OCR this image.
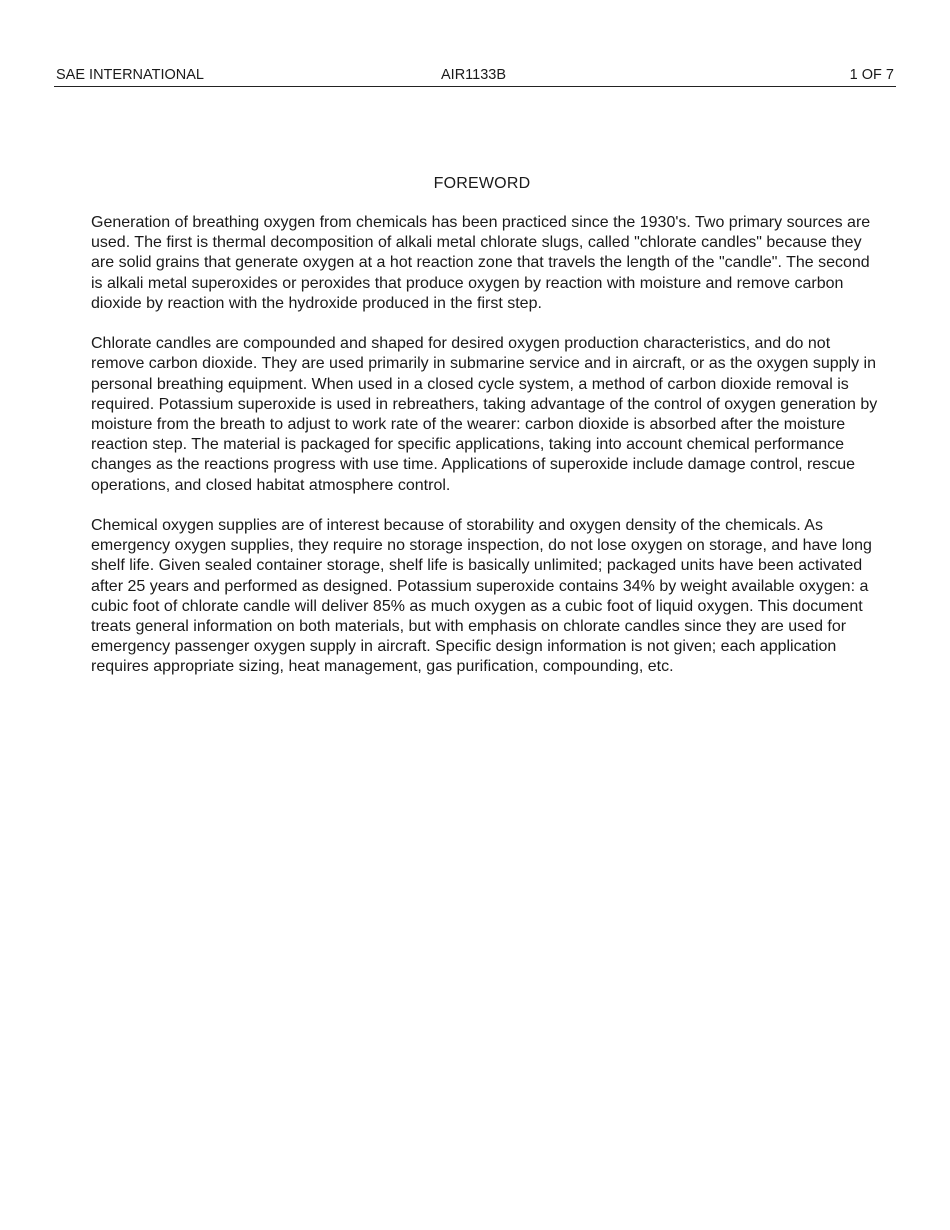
SAE INTERNATIONAL	AIR1133B	1 OF 7
FOREWORD

Generation of breathing oxygen from chemicals has been practiced since the 1930's. Two primary sources are used. The first is thermal decomposition of alkali metal chlorate slugs, called "chlorate candles" because they are solid grains that generate oxygen at a hot reaction zone that travels the length of the "candle". The second is alkali metal superoxides or peroxides that produce oxygen by reaction with moisture and remove carbon dioxide by reaction with the hydroxide produced in the first step.

Chlorate candles are compounded and shaped for desired oxygen production characteristics, and do not remove carbon dioxide. They are used primarily in submarine service and in aircraft, or as the oxygen supply in personal breathing equipment. When used in a closed cycle system, a method of carbon dioxide removal is required. Potassium superoxide is used in rebreathers, taking advantage of the control of oxygen generation by moisture from the breath to adjust to work rate of the wearer: carbon dioxide is absorbed after the moisture reaction step. The material is packaged for specific applications, taking into account chemical performance changes as the reactions progress with use time. Applications of superoxide include damage control, rescue operations, and closed habitat atmosphere control.

Chemical oxygen supplies are of interest because of storability and oxygen density of the chemicals. As emergency oxygen supplies, they require no storage inspection, do not lose oxygen on storage, and have long shelf life. Given sealed container storage, shelf life is basically unlimited; packaged units have been activated after 25 years and performed as designed. Potassium superoxide contains 34% by weight available oxygen: a cubic foot of chlorate candle will deliver 85% as much oxygen as a cubic foot of liquid oxygen. This document treats general information on both materials, but with emphasis on chlorate candles since they are used for emergency passenger oxygen supply in aircraft. Specific design information is not given; each application requires appropriate sizing, heat management, gas purification, compounding, etc.
